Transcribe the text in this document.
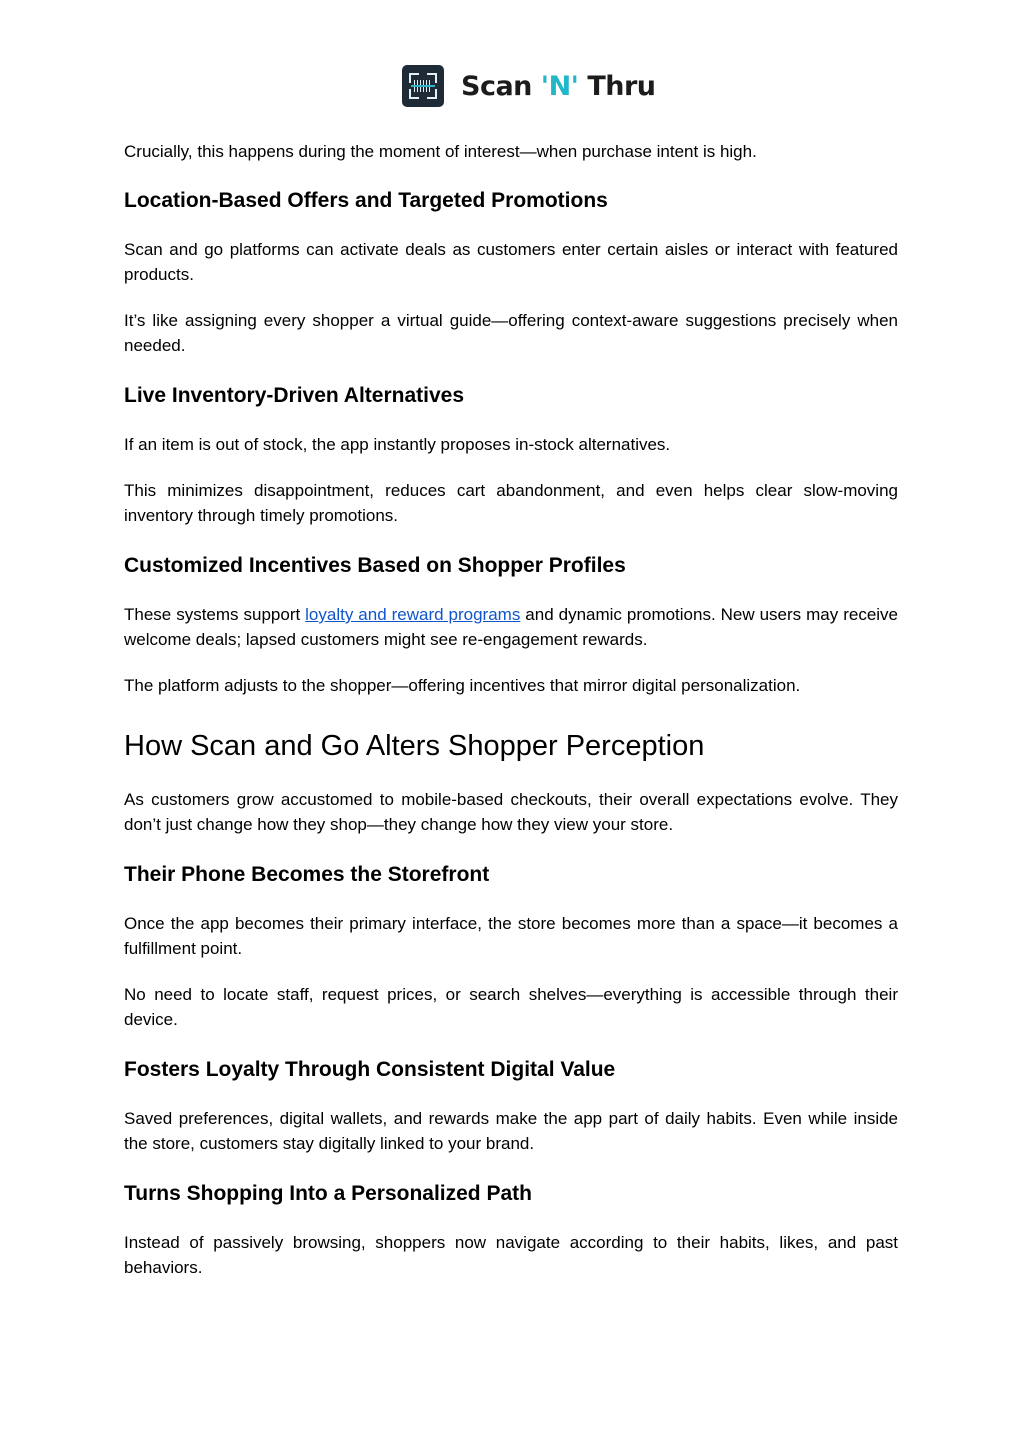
Scan 'N' Thru

Crucially, this happens during the moment of interest—when purchase intent is high.

Location-Based Offers and Targeted Promotions

Scan and go platforms can activate deals as customers enter certain aisles or interact with featured products.

It’s like assigning every shopper a virtual guide—offering context-aware suggestions precisely when needed.

Live Inventory-Driven Alternatives

If an item is out of stock, the app instantly proposes in-stock alternatives.

This minimizes disappointment, reduces cart abandonment, and even helps clear slow-moving inventory through timely promotions.

Customized Incentives Based on Shopper Profiles

These systems support loyalty and reward programs and dynamic promotions. New users may receive welcome deals; lapsed customers might see re-engagement rewards.

The platform adjusts to the shopper—offering incentives that mirror digital personalization.

How Scan and Go Alters Shopper Perception

As customers grow accustomed to mobile-based checkouts, their overall expectations evolve. They don’t just change how they shop—they change how they view your store.

Their Phone Becomes the Storefront

Once the app becomes their primary interface, the store becomes more than a space—it becomes a fulfillment point.

No need to locate staff, request prices, or search shelves—everything is accessible through their device.

Fosters Loyalty Through Consistent Digital Value

Saved preferences, digital wallets, and rewards make the app part of daily habits. Even while inside the store, customers stay digitally linked to your brand.

Turns Shopping Into a Personalized Path

Instead of passively browsing, shoppers now navigate according to their habits, likes, and past behaviors.
